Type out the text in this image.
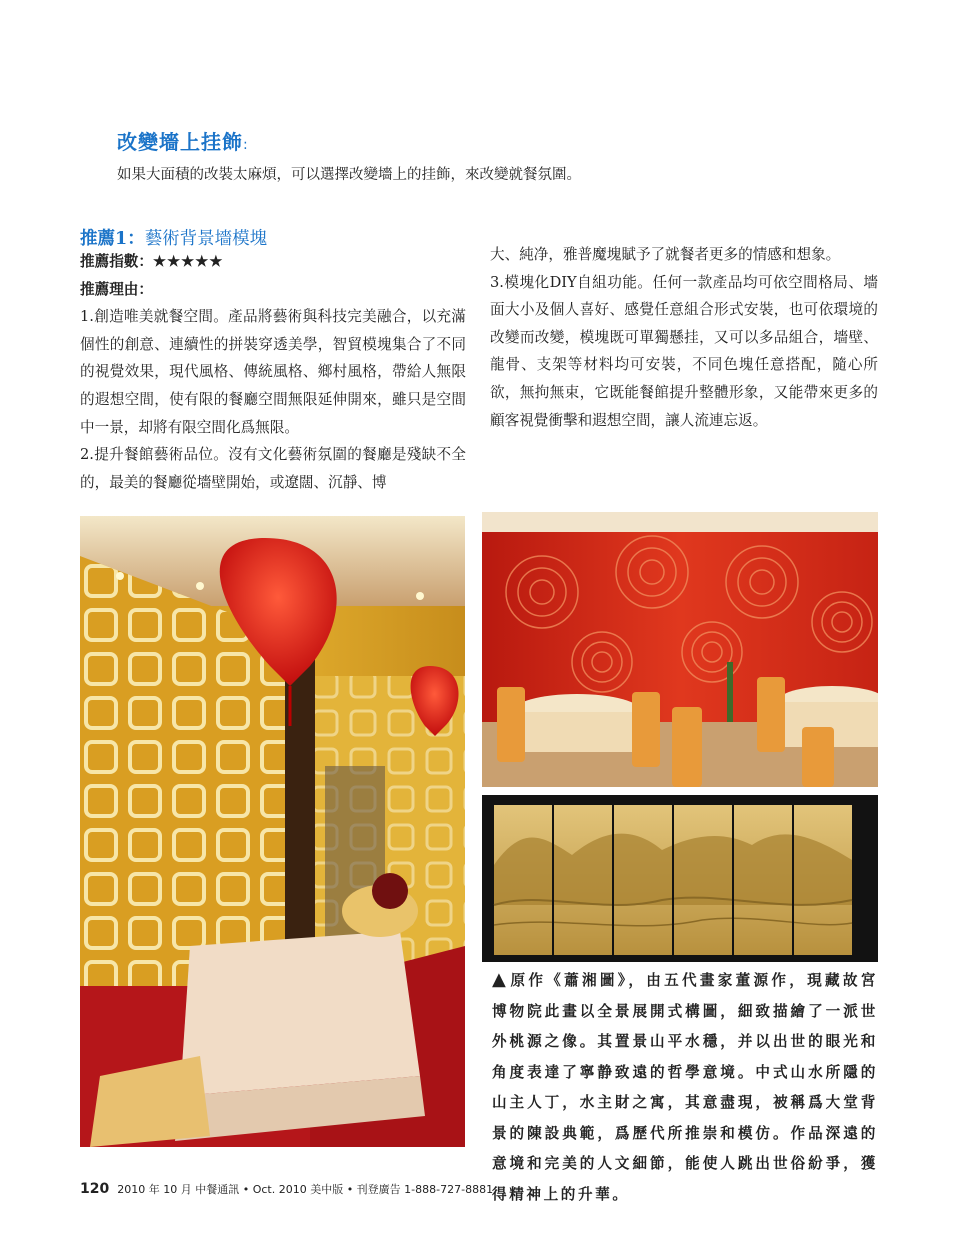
改變墻上挂飾:
如果大面積的改裝太麻煩，可以選擇改變墻上的挂飾，來改變就餐氛圍。
推薦1：藝術背景墻模塊

推薦指數：★★★★★

推薦理由：

1.創造唯美就餐空間。產品將藝術與科技完美融合，以充滿個性的創意、連續性的拼裝穿透美學，智貿模塊集合了不同的視覺效果，現代風格、傳統風格、鄉村風格，帶給人無限的遐想空間，使有限的餐廳空間無限延伸開來，雖只是空間中一景，却將有限空間化爲無限。

2.提升餐館藝術品位。沒有文化藝術氛圍的餐廳是殘缺不全的，最美的餐廳從墻壁開始，或遼闊、沉靜、博

大、純净，雅普魔塊賦予了就餐者更多的情感和想象。

3.模塊化DIY自組功能。任何一款產品均可依空間格局、墻面大小及個人喜好、感覺任意組合形式安裝，也可依環境的改變而改變，模塊既可單獨懸挂，又可以多品組合，墻壁、龍骨、支架等材料均可安裝，不同色塊任意搭配，隨心所欲，無拘無束，它既能餐館提升整體形象，又能帶來更多的顧客視覺衝擊和遐想空間，讓人流連忘返。

▲原作《蕭湘圖》，由五代畫家董源作，現藏故宮博物院此畫以全景展開式構圖，細致描繪了一派世外桃源之像。其置景山平水穩，并以出世的眼光和角度表達了寧静致遠的哲學意境。中式山水所隱的山主人丁，水主財之寓，其意盡現，被稱爲大堂背景的陳設典範，爲歷代所推崇和模仿。作品深遠的意境和完美的人文細節，能使人跳出世俗紛爭，獲得精神上的升華。
120 2010 年 10 月 中餐通訊 • Oct. 2010 美中版 • 刊登廣告 1-888-727-8881
